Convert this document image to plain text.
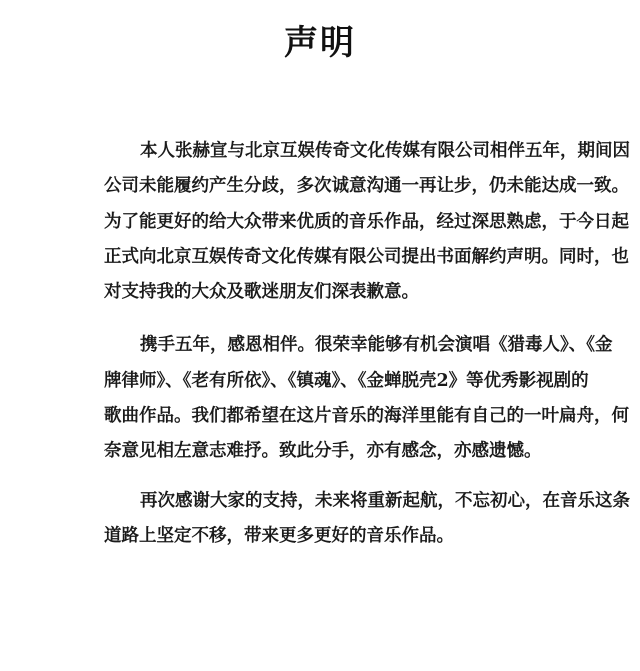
声明
本人张赫宣与北京互娱传奇文化传媒有限公司相伴五年，期间因
公司未能履约产生分歧，多次诚意沟通一再让步，仍未能达成一致。
为了能更好的给大众带来优质的音乐作品，经过深思熟虑，于今日起
正式向北京互娱传奇文化传媒有限公司提出书面解约声明。同时，也
对支持我的大众及歌迷朋友们深表歉意。
携手五年，感恩相伴。很荣幸能够有机会演唱《猎毒人》、《金
牌律师》、《老有所依》、《镇魂》、《金蝉脱壳2》等优秀影视剧的
歌曲作品。我们都希望在这片音乐的海洋里能有自己的一叶扁舟，何
奈意见相左意志难抒。致此分手，亦有感念，亦感遗憾。
再次感谢大家的支持，未来将重新起航，不忘初心，在音乐这条
道路上坚定不移，带来更多更好的音乐作品。
